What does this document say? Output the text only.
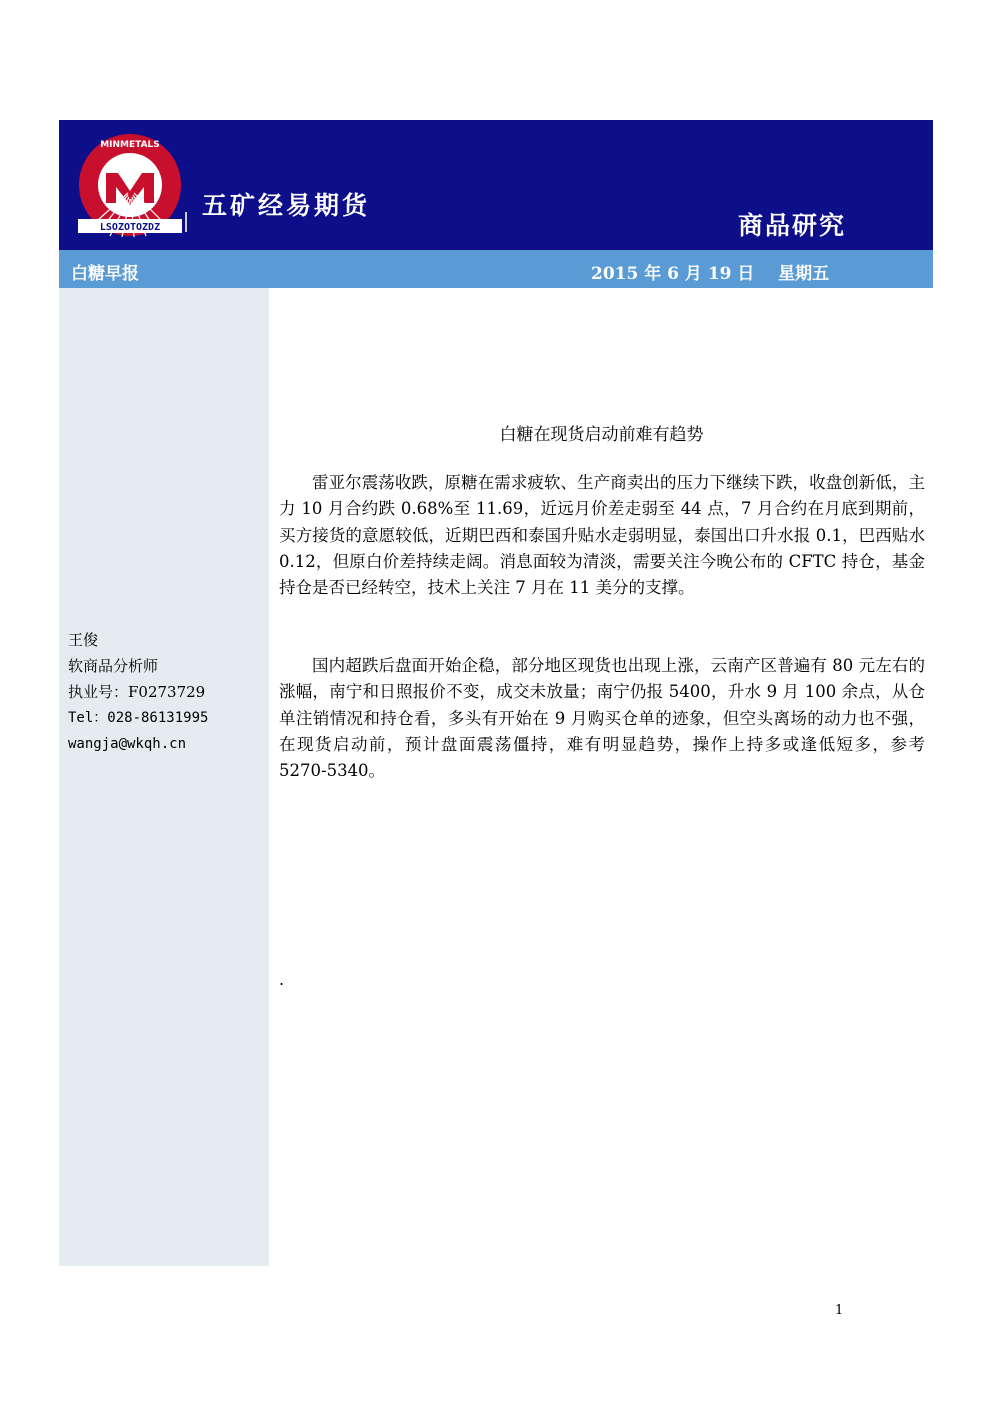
LSOZOTOZDZ
MINMETALS
五矿经易期货
商品研究
白糖早报	2015 年 6 月 19 日    星期五
王俊
软商品分析师
执业号：F0273729
Tel：028-86131995
wangja@wkqh.cn
白糖在现货启动前难有趋势

雷亚尔震荡收跌，原糖在需求疲软、生产商卖出的压力下继续下跌，收盘创新低，主力 10 月合约跌 0.68%至 11.69，近远月价差走弱至 44 点，7 月合约在月底到期前，买方接货的意愿较低，近期巴西和泰国升贴水走弱明显，泰国出口升水报 0.1，巴西贴水 0.12，但原白价差持续走阔。消息面较为清淡，需要关注今晚公布的 CFTC 持仓，基金持仓是否已经转空，技术上关注 7 月在 11 美分的支撑。

国内超跌后盘面开始企稳，部分地区现货也出现上涨，云南产区普遍有 80 元左右的涨幅，南宁和日照报价不变，成交未放量；南宁仍报 5400，升水 9 月 100 余点，从仓单注销情况和持仓看，多头有开始在 9 月购买仓单的迹象，但空头离场的动力也不强，在现货启动前，预计盘面震荡僵持，难有明显趋势，操作上持多或逢低短多，参考 5270-5340。

.
1
